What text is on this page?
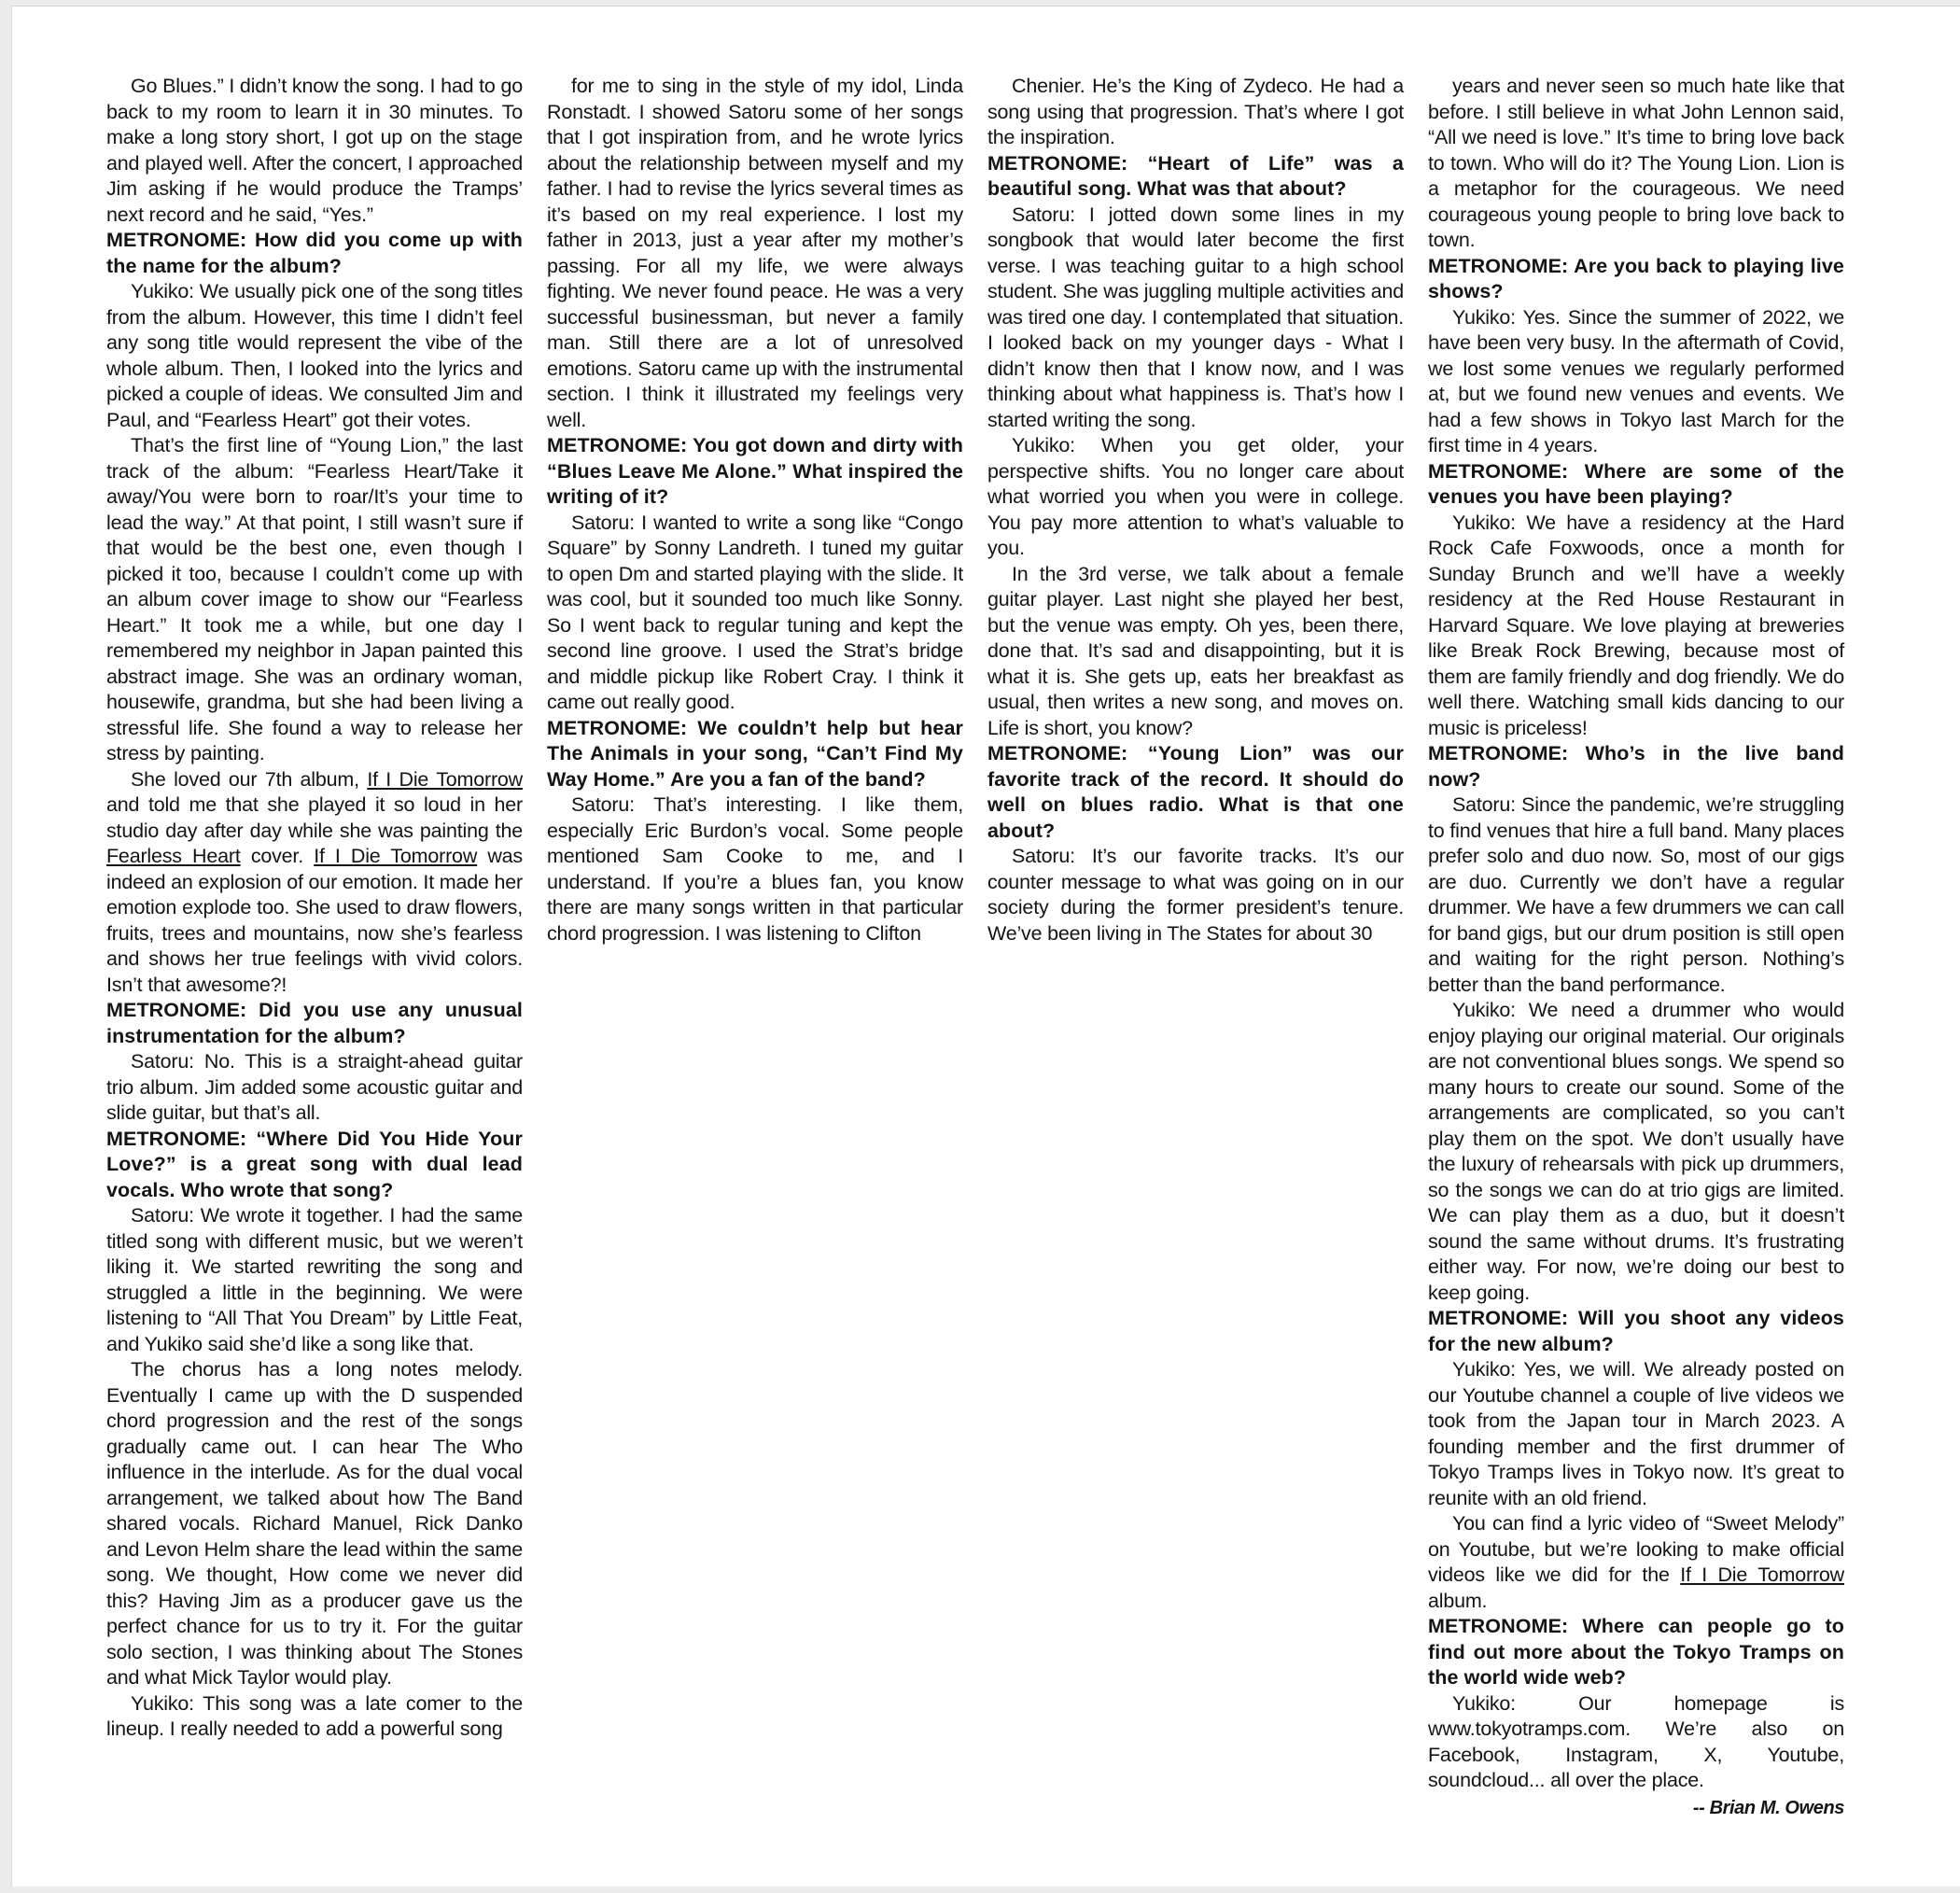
Go Blues.” I didn’t know the song. I had to go back to my room to learn it in 30 minutes. To make a long story short, I got up on the stage and played well. After the concert, I approached Jim asking if he would produce the Tramps’ next record and he said, “Yes.”

METRONOME: How did you come up with the name for the album?

Yukiko: We usually pick one of the song titles from the album. However, this time I didn’t feel any song title would represent the vibe of the whole album. Then, I looked into the lyrics and picked a couple of ideas. We consulted Jim and Paul, and “Fearless Heart” got their votes.

That’s the first line of “Young Lion,” the last track of the album: “Fearless Heart/Take it away/You were born to roar/It’s your time to lead the way.” At that point, I still wasn’t sure if that would be the best one, even though I picked it too, because I couldn’t come up with an album cover image to show our “Fearless Heart.” It took me a while, but one day I remembered my neighbor in Japan painted this abstract image. She was an ordinary woman, housewife, grandma, but she had been living a stressful life. She found a way to release her stress by painting.

She loved our 7th album, If I Die Tomorrow and told me that she played it so loud in her studio day after day while she was painting the Fearless Heart cover. If I Die Tomorrow was indeed an explosion of our emotion. It made her emotion explode too. She used to draw flowers, fruits, trees and mountains, now she’s fearless and shows her true feelings with vivid colors. Isn’t that awesome?!

METRONOME: Did you use any unusual instrumentation for the album?

Satoru: No. This is a straight-ahead guitar trio album. Jim added some acoustic guitar and slide guitar, but that’s all.

METRONOME: “Where Did You Hide Your Love?” is a great song with dual lead vocals. Who wrote that song?

Satoru: We wrote it together. I had the same titled song with different music, but we weren’t liking it. We started rewriting the song and struggled a little in the beginning. We were listening to “All That You Dream” by Little Feat, and Yukiko said she’d like a song like that.

The chorus has a long notes melody. Eventually I came up with the D suspended chord progression and the rest of the songs gradually came out. I can hear The Who influence in the interlude. As for the dual vocal arrangement, we talked about how The Band shared vocals. Richard Manuel, Rick Danko and Levon Helm share the lead within the same song. We thought, How come we never did this? Having Jim as a producer gave us the perfect chance for us to try it. For the guitar solo section, I was thinking about The Stones and what Mick Taylor would play.

Yukiko: This song was a late comer to the lineup. I really needed to add a powerful song

for me to sing in the style of my idol, Linda Ronstadt. I showed Satoru some of her songs that I got inspiration from, and he wrote lyrics about the relationship between myself and my father. I had to revise the lyrics several times as it’s based on my real experience. I lost my father in 2013, just a year after my mother’s passing. For all my life, we were always fighting. We never found peace. He was a very successful businessman, but never a family man. Still there are a lot of unresolved emotions. Satoru came up with the instrumental section. I think it illustrated my feelings very well.

METRONOME: You got down and dirty with “Blues Leave Me Alone.” What inspired the writing of it?

Satoru: I wanted to write a song like “Congo Square” by Sonny Landreth. I tuned my guitar to open Dm and started playing with the slide. It was cool, but it sounded too much like Sonny. So I went back to regular tuning and kept the second line groove. I used the Strat’s bridge and middle pickup like Robert Cray. I think it came out really good.

METRONOME: We couldn’t help but hear The Animals in your song, “Can’t Find My Way Home.” Are you a fan of the band?

Satoru: That’s interesting. I like them, especially Eric Burdon’s vocal. Some people mentioned Sam Cooke to me, and I understand. If you’re a blues fan, you know there are many songs written in that particular chord progression. I was listening to Clifton

Chenier. He’s the King of Zydeco. He had a song using that progression. That’s where I got the inspiration.

METRONOME: “Heart of Life” was a beautiful song. What was that about?

Satoru: I jotted down some lines in my songbook that would later become the first verse. I was teaching guitar to a high school student. She was juggling multiple activities and was tired one day. I contemplated that situation. I looked back on my younger days - What I didn’t know then that I know now, and I was thinking about what happiness is. That’s how I started writing the song.

Yukiko: When you get older, your perspective shifts. You no longer care about what worried you when you were in college. You pay more attention to what’s valuable to you.

In the 3rd verse, we talk about a female guitar player. Last night she played her best, but the venue was empty. Oh yes, been there, done that. It’s sad and disappointing, but it is what it is. She gets up, eats her breakfast as usual, then writes a new song, and moves on. Life is short, you know?

METRONOME: “Young Lion” was our favorite track of the record. It should do well on blues radio. What is that one about?

Satoru: It’s our favorite tracks. It’s our counter message to what was going on in our society during the former president’s tenure. We’ve been living in The States for about 30

years and never seen so much hate like that before. I still believe in what John Lennon said, “All we need is love.” It’s time to bring love back to town. Who will do it? The Young Lion. Lion is a metaphor for the courageous. We need courageous young people to bring love back to town.

METRONOME: Are you back to playing live shows?

Yukiko: Yes. Since the summer of 2022, we have been very busy. In the aftermath of Covid, we lost some venues we regularly performed at, but we found new venues and events. We had a few shows in Tokyo last March for the first time in 4 years.

METRONOME: Where are some of the venues you have been playing?

Yukiko: We have a residency at the Hard Rock Cafe Foxwoods, once a month for Sunday Brunch and we’ll have a weekly residency at the Red House Restaurant in Harvard Square. We love playing at breweries like Break Rock Brewing, because most of them are family friendly and dog friendly. We do well there. Watching small kids dancing to our music is priceless!

METRONOME: Who’s in the live band now?

Satoru: Since the pandemic, we’re struggling to find venues that hire a full band. Many places prefer solo and duo now. So, most of our gigs are duo. Currently we don’t have a regular drummer. We have a few drummers we can call for band gigs, but our drum position is still open and waiting for the right person. Nothing’s better than the band performance.

Yukiko: We need a drummer who would enjoy playing our original material. Our originals are not conventional blues songs. We spend so many hours to create our sound. Some of the arrangements are complicated, so you can’t play them on the spot. We don’t usually have the luxury of rehearsals with pick up drummers, so the songs we can do at trio gigs are limited. We can play them as a duo, but it doesn’t sound the same without drums. It’s frustrating either way. For now, we’re doing our best to keep going.

METRONOME: Will you shoot any videos for the new album?

Yukiko: Yes, we will. We already posted on our Youtube channel a couple of live videos we took from the Japan tour in March 2023. A founding member and the first drummer of Tokyo Tramps lives in Tokyo now. It’s great to reunite with an old friend.

You can find a lyric video of “Sweet Melody” on Youtube, but we’re looking to make official videos like we did for the If I Die Tomorrow album.

METRONOME: Where can people go to find out more about the Tokyo Tramps on the world wide web?

Yukiko: Our homepage is www.tokyotramps.com. We’re also on Facebook, Instagram, X, Youtube, soundcloud... all over the place.

-- Brian M. Owens
